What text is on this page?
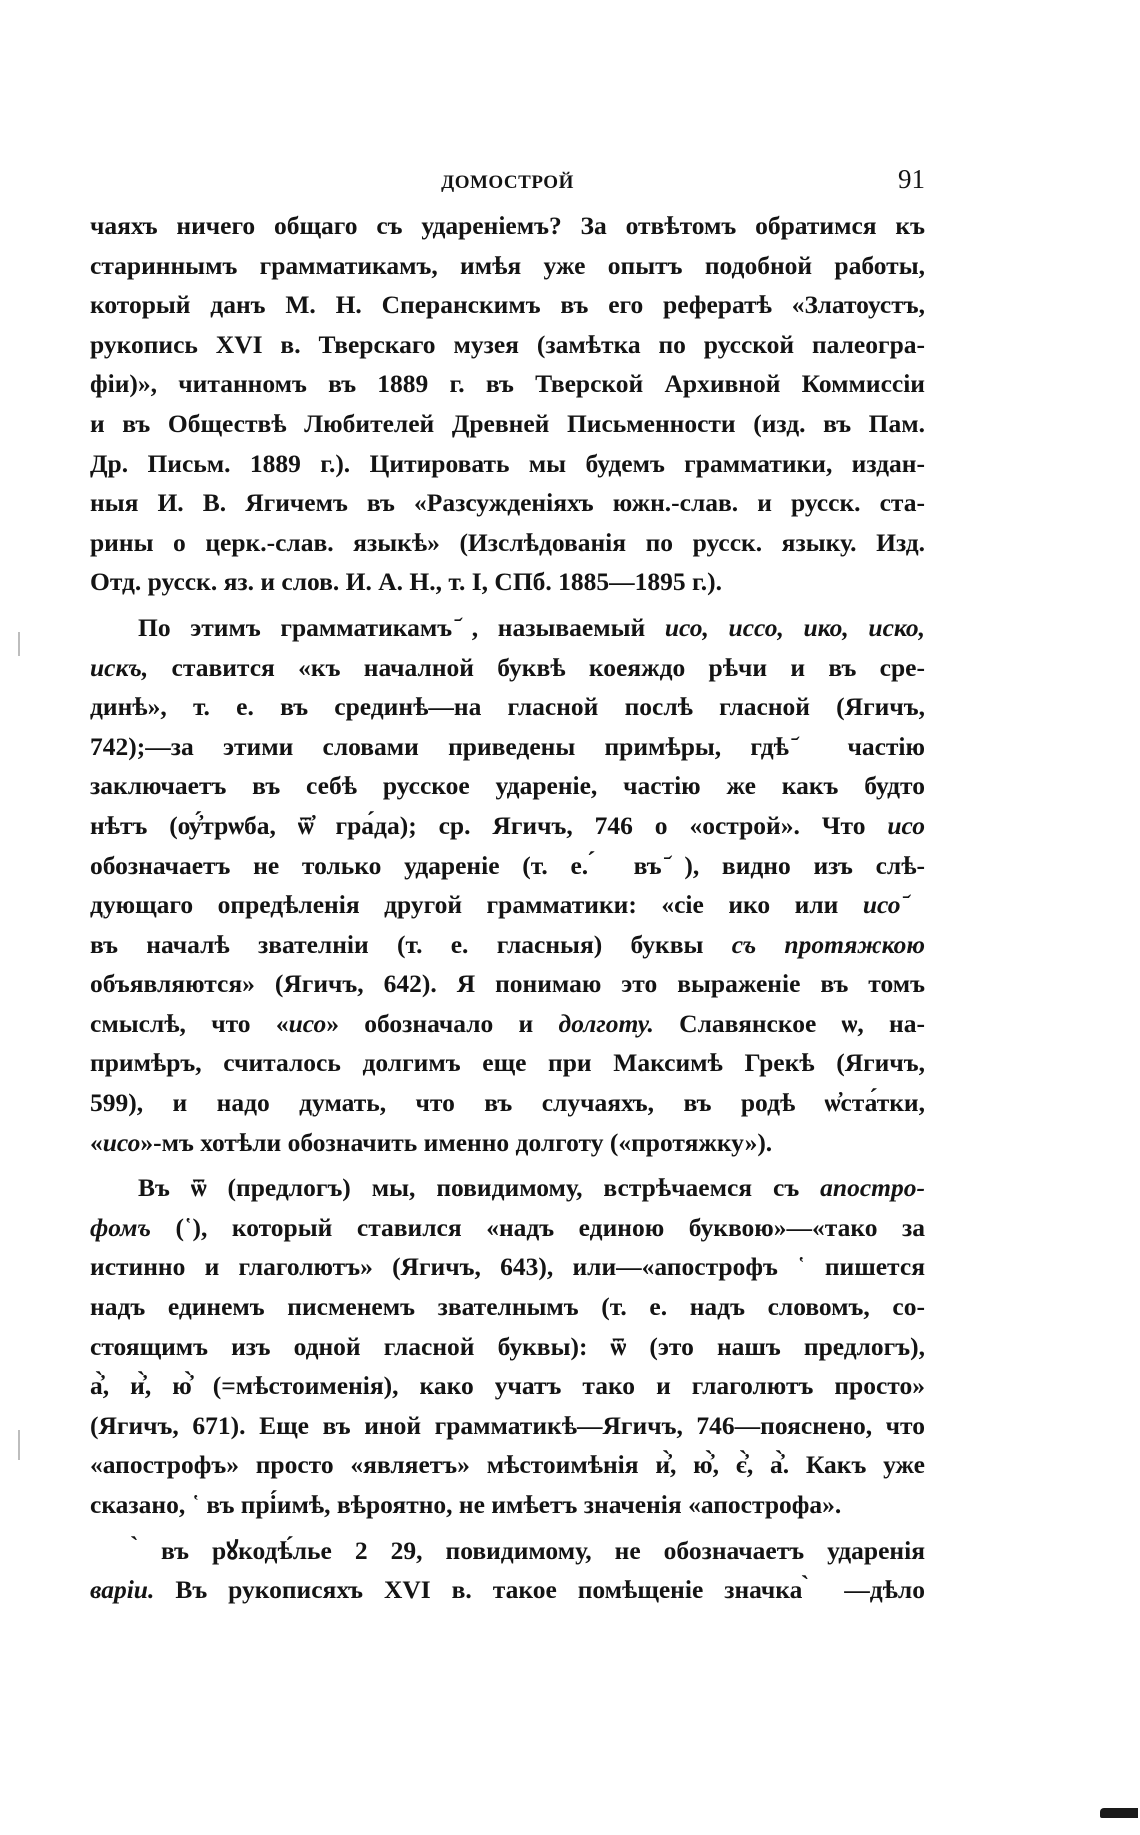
ДОМОСТРОЙ	91
чаяхъ ничего общаго съ удареніемъ? За отвѣтомъ обратимся къ
стариннымъ грамматикамъ, имѣя уже опытъ подобной работы,
который данъ М. Н. Сперанскимъ въ его рефератѣ «Златоустъ,
рукопись XVI в. Тверскаго музея (замѣтка по русской палеогра-
фіи)», читанномъ въ 1889 г. въ Тверской Архивной Коммиссіи
и въ Обществѣ Любителей Древней Письменности (изд. въ Пам.
Др. Письм. 1889 г.). Цитировать мы будемъ грамматики, издан-
ныя И. В. Ягичемъ въ «Разсужденіяхъ южн.-слав. и русск. ста-
рины о церк.-слав. языкѣ» (Изслѣдованія по русск. языку. Изд.
Отд. русск. яз. и слов. И. А. Н., т. I, СПб. 1885—1895 г.).
По этимъ грамматикамъ ᷄, называемый исо, иссо, ико, иско,
искъ, ставится «къ началной буквѣ коеяждо рѣчи и въ сре-
динѣ», т. е. въ срединѣ—на гласной послѣ гласной (Ягичъ,
742);—за этими словами приведены примѣры, гдѣ ᷄ частію
заключаетъ въ себѣ русское удареніе, частію же какъ будто
нѣтъ (ѹ҆́трѡба, ѿ҆ гра́да); ср. Ягичъ, 746 о «острой». Что исо
обозначаетъ не только удареніе (т. е. ́ въ ᷄), видно изъ слѣ-
дующаго опредѣленія другой грамматики: «сіе ико или исо ᷄
въ началѣ звателніи (т. е. гласныя) буквы съ протяжкою
объявляются» (Ягичъ, 642). Я понимаю это выраженіе въ томъ
смыслѣ, что «исо» обозначало и долготу. Славянское ѡ, на-
примѣръ, считалось долгимъ еще при Максимѣ Грекѣ (Ягичъ,
599), и надо думать, что въ случаяхъ, въ родѣ ѡ҆ста́тки,
«исо»-мъ хотѣли обозначить именно долготу («протяжку»).
Въ ѿ (предлогъ) мы, повидимому, встрѣчаемся съ апостро-
фомъ (῾), который ставился «надъ единою буквою»—«тако за
истинно и глаголютъ» (Ягичъ, 643), или—«апострофъ ῾ пишется
надъ единемъ писменемъ звателнымъ (т. е. надъ словомъ, со-
стоящимъ изъ одной гласной буквы): ѿ (это нашъ предлогъ),
а҆̀, и҆̀, ю҆̀ (=мѣстоименія), како учатъ тако и глаголютъ просто»
(Ягичъ, 671). Еще въ иной грамматикѣ—Ягичъ, 746—пояснено, что
«апострофъ» просто «являетъ» мѣстоимѣнія и҆̀, ю҆̀, є҆̀, а҆̀. Какъ уже
сказано, ῾ въ прі́имѣ, вѣроятно, не имѣетъ значенія «апострофа».
̀ въ рꙋкодѣ́лье 2 29, повидимому, не обозначаетъ ударенія
варіи. Въ рукописяхъ XVI в. такое помѣщеніе значка ̀ —дѣло
